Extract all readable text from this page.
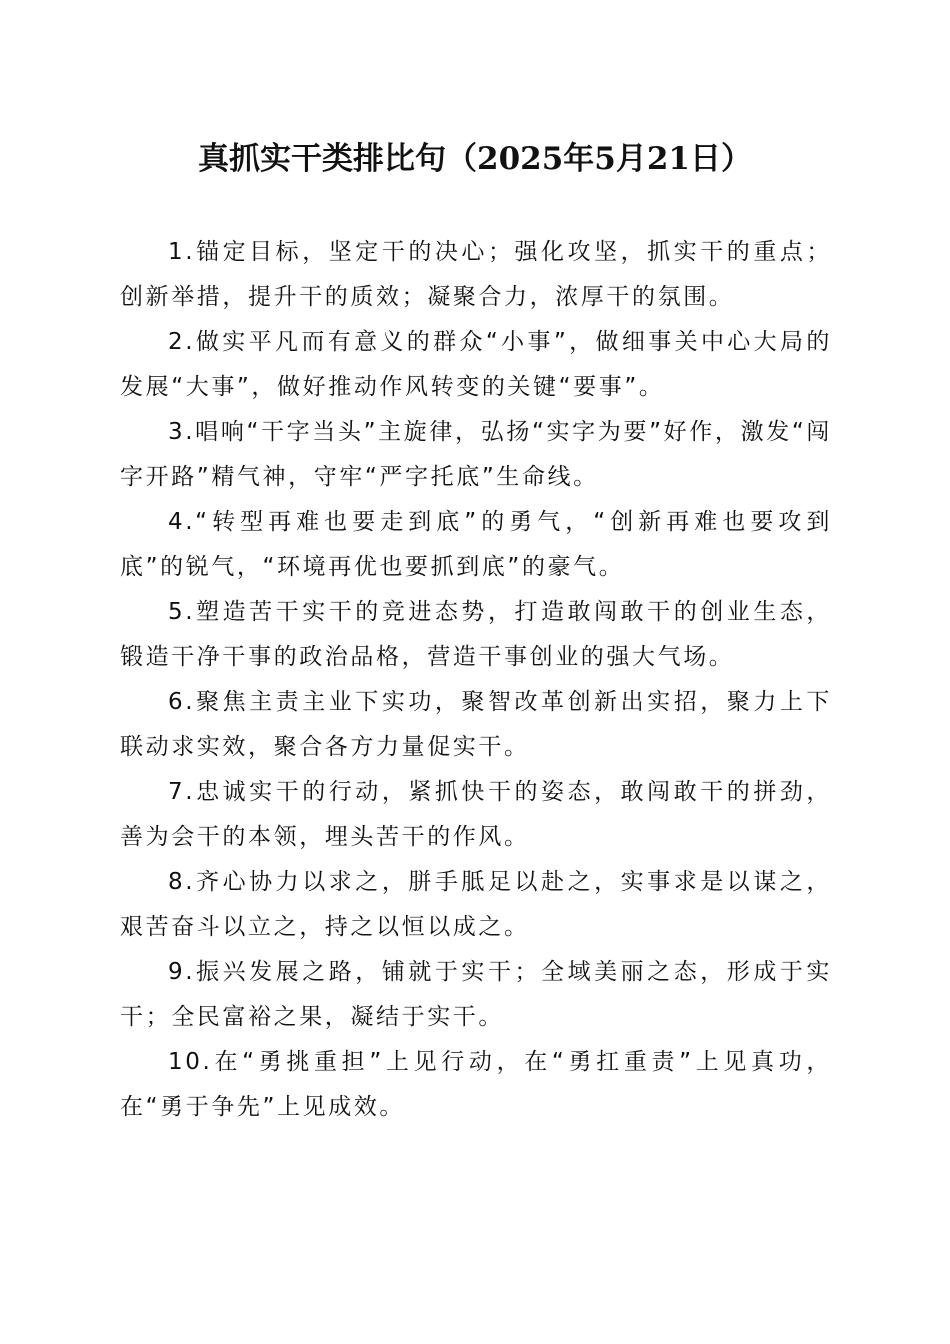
真抓实干类排比句（2025年5月21日）

1.锚定目标，坚定干的决心；强化攻坚，抓实干的重点；创新举措，提升干的质效；凝聚合力，浓厚干的氛围。

2.做实平凡而有意义的群众“小事”，做细事关中心大局的发展“大事”，做好推动作风转变的关键“要事”。

3.唱响“干字当头”主旋律，弘扬“实字为要”好作，激发“闯字开路”精气神，守牢“严字托底”生命线。

4.“转型再难也要走到底”的勇气，“创新再难也要攻到底”的锐气，“环境再优也要抓到底”的豪气。

5.塑造苦干实干的竞进态势，打造敢闯敢干的创业生态，锻造干净干事的政治品格，营造干事创业的强大气场。

6.聚焦主责主业下实功，聚智改革创新出实招，聚力上下联动求实效，聚合各方力量促实干。

7.忠诚实干的行动，紧抓快干的姿态，敢闯敢干的拼劲，善为会干的本领，埋头苦干的作风。

8.齐心协力以求之，胼手胝足以赴之，实事求是以谋之，艰苦奋斗以立之，持之以恒以成之。

9.振兴发展之路，铺就于实干；全域美丽之态，形成于实干；全民富裕之果，凝结于实干。

10.在“勇挑重担”上见行动，在“勇扛重责”上见真功，在“勇于争先”上见成效。
